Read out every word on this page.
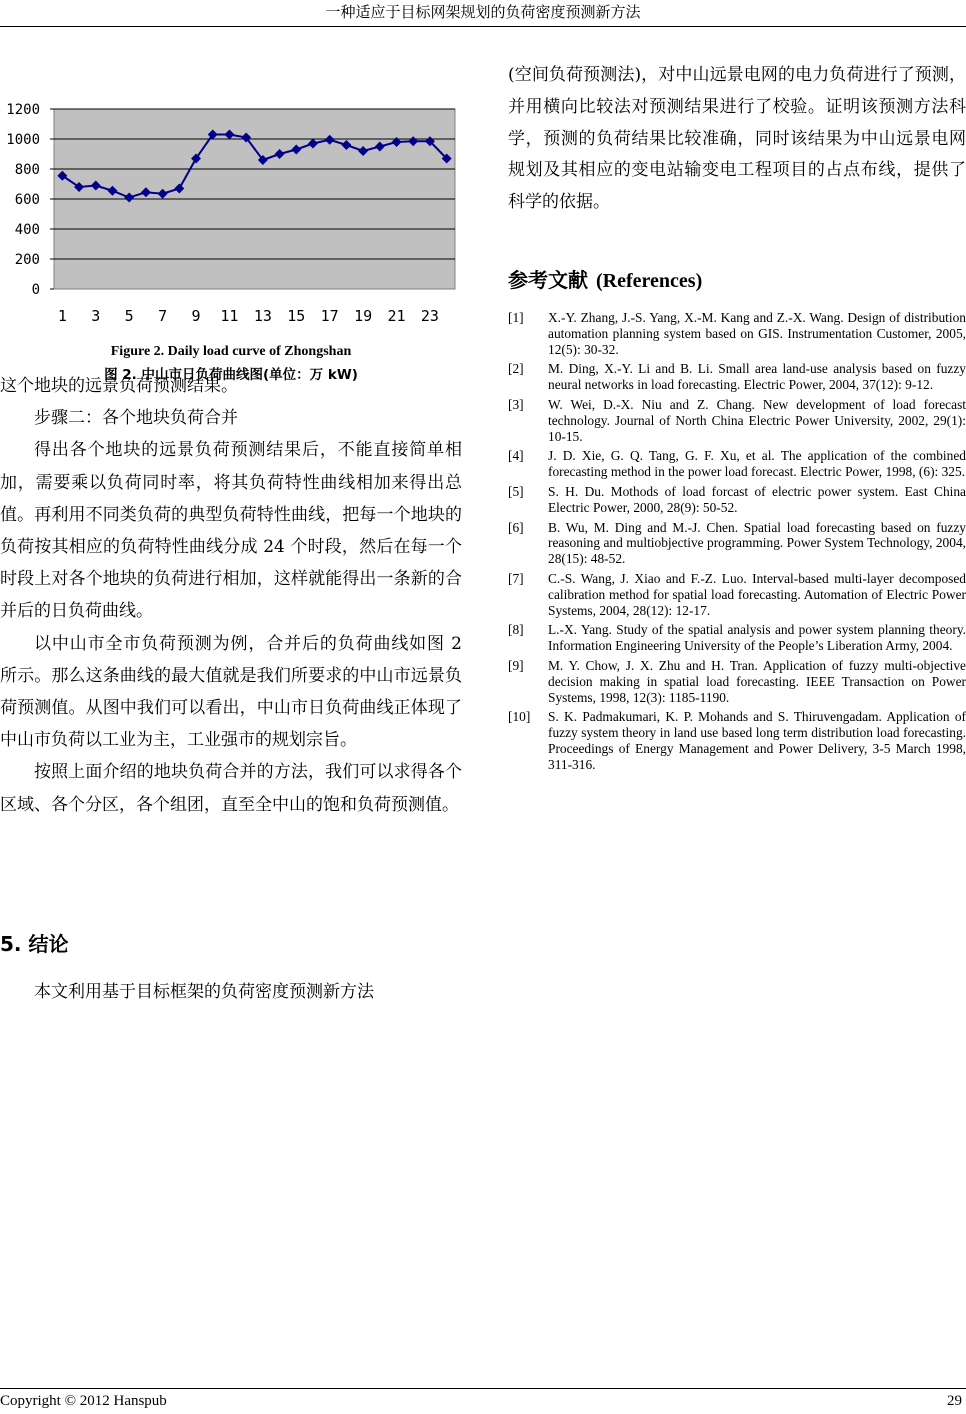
一种适应于目标网架规划的负荷密度预测新方法
1200
1000
800
600
400
200
0
1 3 5 7 9 11 13 15 17 19 21 23
Figure 2. Daily load curve of Zhongshan
图 2. 中山市日负荷曲线图(单位：万 kW)

这个地块的远景负荷预测结果。

步骤二：各个地块负荷合并

得出各个地块的远景负荷预测结果后，不能直接简单相加，需要乘以负荷同时率，将其负荷特性曲线相加来得出总值。再利用不同类负荷的典型负荷特性曲线，把每一个地块的负荷按其相应的负荷特性曲线分成 24 个时段，然后在每一个时段上对各个地块的负荷进行相加，这样就能得出一条新的合并后的日负荷曲线。

以中山市全市负荷预测为例，合并后的负荷曲线如图 2 所示。那么这条曲线的最大值就是我们所要求的中山市远景负荷预测值。从图中我们可以看出，中山市日负荷曲线正体现了中山市负荷以工业为主，工业强市的规划宗旨。

按照上面介绍的地块负荷合并的方法，我们可以求得各个区域、各个分区，各个组团，直至全中山的饱和负荷预测值。

5. 结论
本文利用基于目标框架的负荷密度预测新方法

(空间负荷预测法)，对中山远景电网的电力负荷进行了预测，并用横向比较法对预测结果进行了校验。证明该预测方法科学，预测的负荷结果比较准确，同时该结果为中山远景电网规划及其相应的变电站输变电工程项目的占点布线，提供了科学的依据。

参考文献 (References)
[1] X.-Y. Zhang, J.-S. Yang, X.-M. Kang and Z.-X. Wang. Design of distribution automation planning system based on GIS. Instrumentation Customer, 2005, 12(5): 30-32.
[2] M. Ding, X.-Y. Li and B. Li. Small area land-use analysis based on fuzzy neural networks in load forecasting. Electric Power, 2004, 37(12): 9-12.
[3] W. Wei, D.-X. Niu and Z. Chang. New development of load forecast technology. Journal of North China Electric Power University, 2002, 29(1): 10-15.
[4] J. D. Xie, G. Q. Tang, G. F. Xu, et al. The application of the combined forecasting method in the power load forecast. Electric Power, 1998, (6): 325.
[5] S. H. Du. Mothods of load forcast of electric power system. East China Electric Power, 2000, 28(9): 50-52.
[6] B. Wu, M. Ding and M.-J. Chen. Spatial load forecasting based on fuzzy reasoning and multiobjective programming. Power System Technology, 2004, 28(15): 48-52.
[7] C.-S. Wang, J. Xiao and F.-Z. Luo. Interval-based multi-layer decomposed calibration method for spatial load forecasting. Automation of Electric Power Systems, 2004, 28(12): 12-17.
[8] L.-X. Yang. Study of the spatial analysis and power system planning theory. Information Engineering University of the People’s Liberation Army, 2004.
[9] M. Y. Chow, J. X. Zhu and H. Tran. Application of fuzzy multi-objective decision making in spatial load forecasting. IEEE Transaction on Power Systems, 1998, 12(3): 1185-1190.
[10] S. K. Padmakumari, K. P. Mohands and S. Thiruvengadam. Application of fuzzy system theory in land use based long term distribution load forecasting. Proceedings of Energy Management and Power Delivery, 3-5 March 1998, 311-316.
Copyright © 2012 Hanspub	29
